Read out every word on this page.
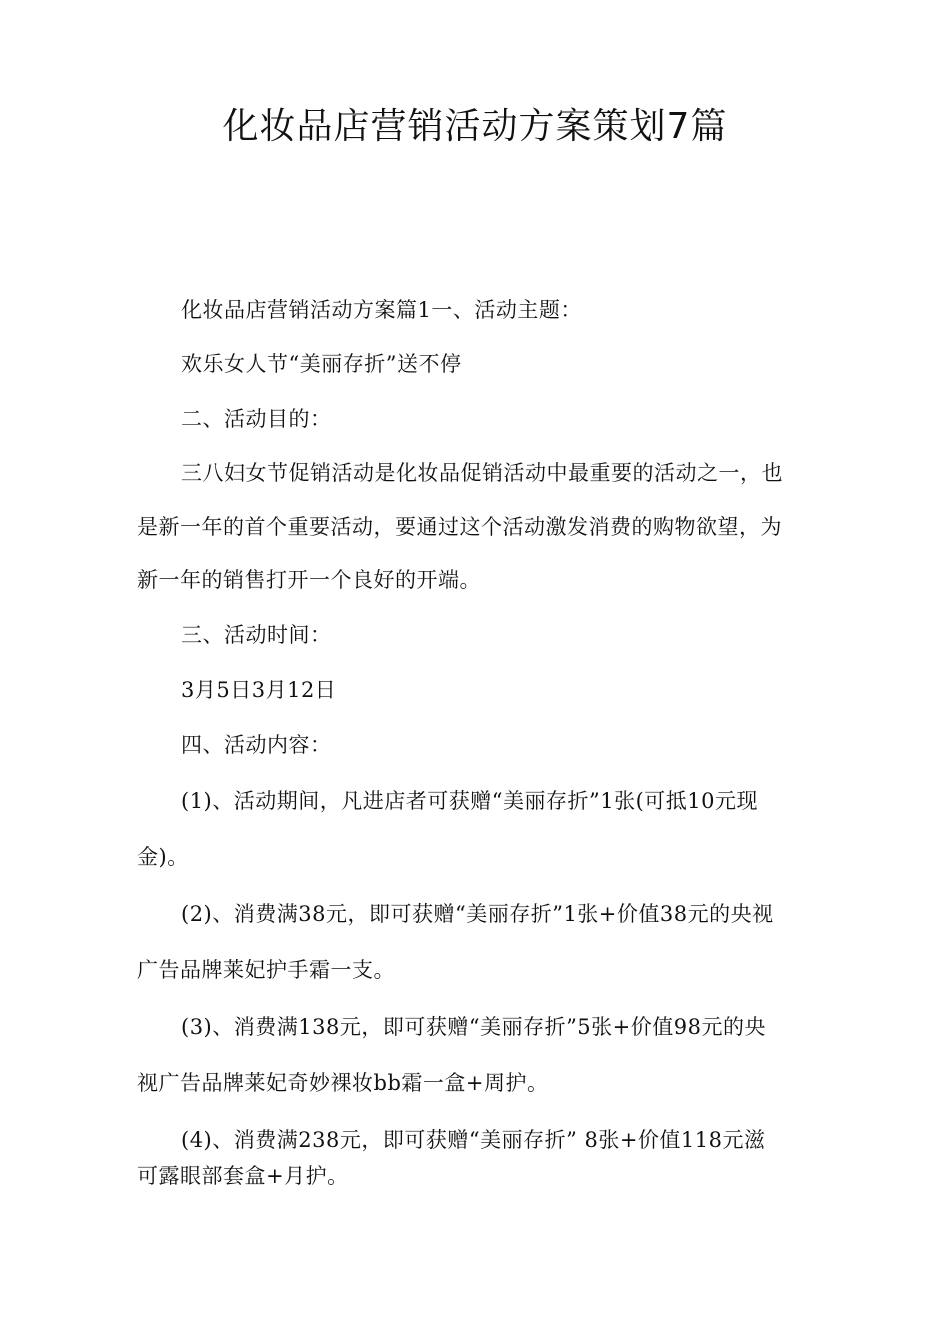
化妆品店营销活动方案策划7篇
化妆品店营销活动方案篇1一、活动主题：
欢乐女人节“美丽存折”送不停
二、活动目的：
三八妇女节促销活动是化妆品促销活动中最重要的活动之一，也
是新一年的首个重要活动，要通过这个活动激发消费的购物欲望，为
新一年的销售打开一个良好的开端。
三、活动时间：
3月5日3月12日
四、活动内容：
(1)、活动期间，凡进店者可获赠“美丽存折”1张(可抵10元现
金)。
(2)、消费满38元，即可获赠“美丽存折”1张+价值38元的央视
广告品牌莱妃护手霜一支。
(3)、消费满138元，即可获赠“美丽存折”5张+价值98元的央
视广告品牌莱妃奇妙裸妆bb霜一盒+周护。
(4)、消费满238元，即可获赠“美丽存折” 8张+价值118元滋
可露眼部套盒+月护。
